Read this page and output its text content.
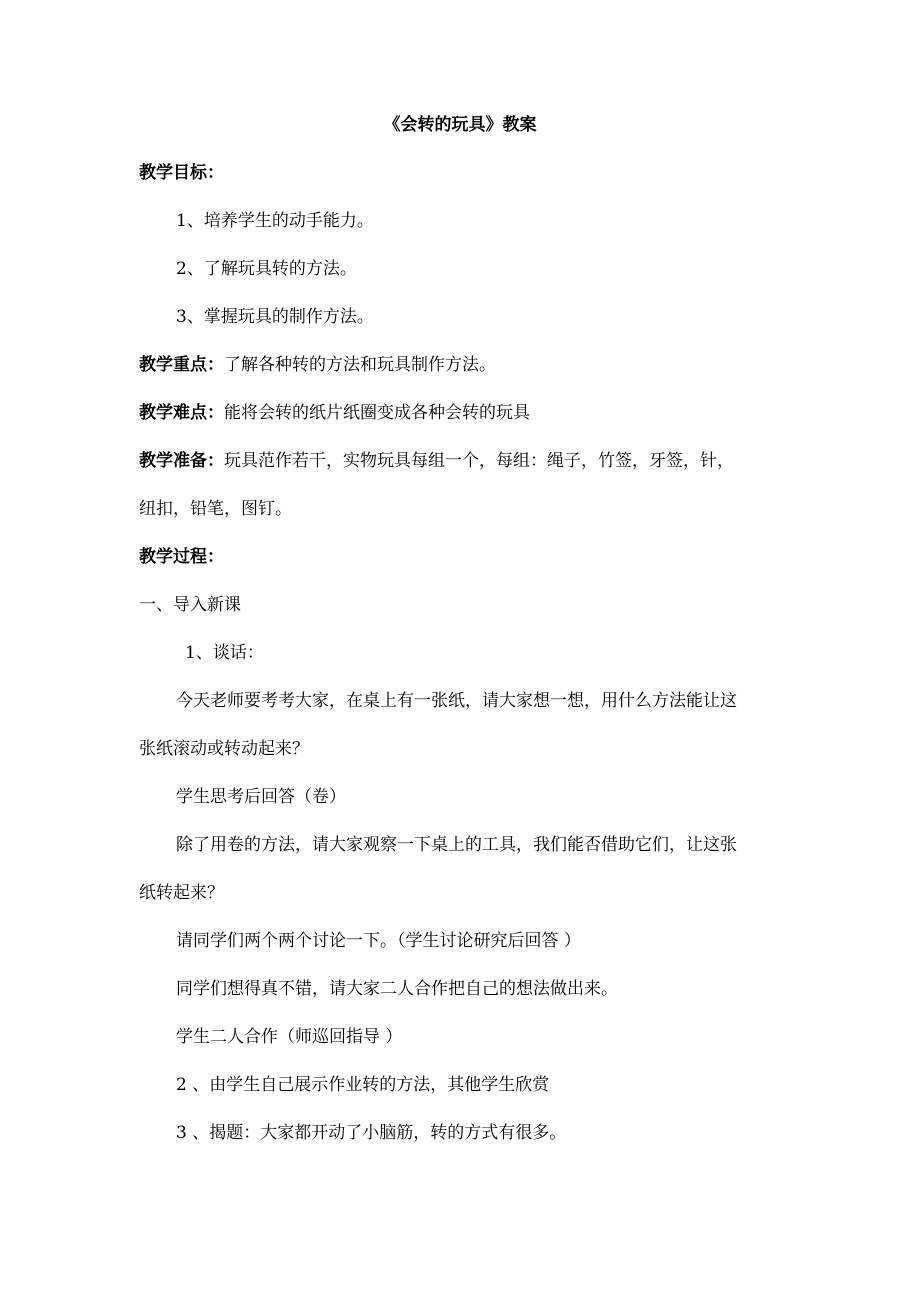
《会转的玩具》教案
教学目标：
1、培养学生的动手能力。
2、了解玩具转的方法。
3、掌握玩具的制作方法。
教学重点：了解各种转的方法和玩具制作方法。
教学难点：能将会转的纸片纸圈变成各种会转的玩具
教学准备：玩具范作若干，实物玩具每组一个，每组：绳子，竹签，牙签，针，
纽扣，铅笔，图钉。
教学过程：
一、导入新课
1、谈话：
今天老师要考考大家，在桌上有一张纸，请大家想一想，用什么方法能让这
张纸滚动或转动起来？
学生思考后回答（卷）
除了用卷的方法，请大家观察一下桌上的工具，我们能否借助它们，让这张
纸转起来？
请同学们两个两个讨论一下。（学生讨论研究后回答 ）
同学们想得真不错，请大家二人合作把自己的想法做出来。
学生二人合作（师巡回指导 ）
2 、由学生自己展示作业转的方法，其他学生欣赏
3 、揭题：大家都开动了小脑筋，转的方式有很多。
